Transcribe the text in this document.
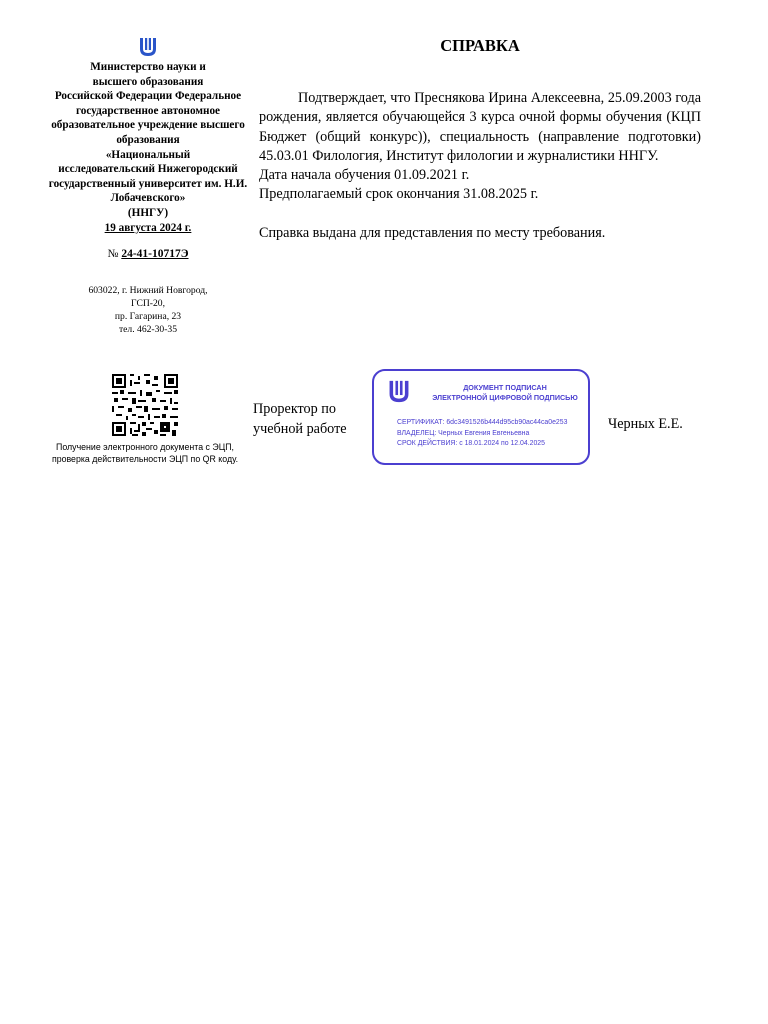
Министерство науки и
высшего образования
Российской Федерации Федеральное
государственное автономное
образовательное учреждение высшего
образования
«Национальный
исследовательский Нижегородский
государственный университет им. Н.И.
Лобачевского»
(ННГУ)
19 августа 2024 г.
№ 24-41-10717Э
603022, г. Нижний Новгород,
ГСП-20,
пр. Гагарина, 23
тел. 462-30-35
СПРАВКА

Подтверждает, что Преснякова Ирина Алексеевна, 25.09.2003 года рождения, является обучающейся 3 курса очной формы обучения (КЦП Бюджет (общий конкурс)), специальность (направление подготовки) 45.03.01 Филология, Институт филологии и журналистики ННГУ.

Дата начала обучения 01.09.2021 г.

Предполагаемый срок окончания 31.08.2025 г.

Справка выдана для представления по месту требования.

Получение электронного документа с ЭЦП,
проверка действительности ЭЦП по QR коду.
Проректор по
учебной работе
ДОКУМЕНТ ПОДПИСАН
ЭЛЕКТРОННОЙ ЦИФРОВОЙ ПОДПИСЬЮ
СЕРТИФИКАТ: 6dc3491526b444d95cb90ac44ca0e253
ВЛАДЕЛЕЦ: Черных Евгения Евгеньевна
СРОК ДЕЙСТВИЯ: с 18.01.2024 по 12.04.2025
Черных Е.Е.
